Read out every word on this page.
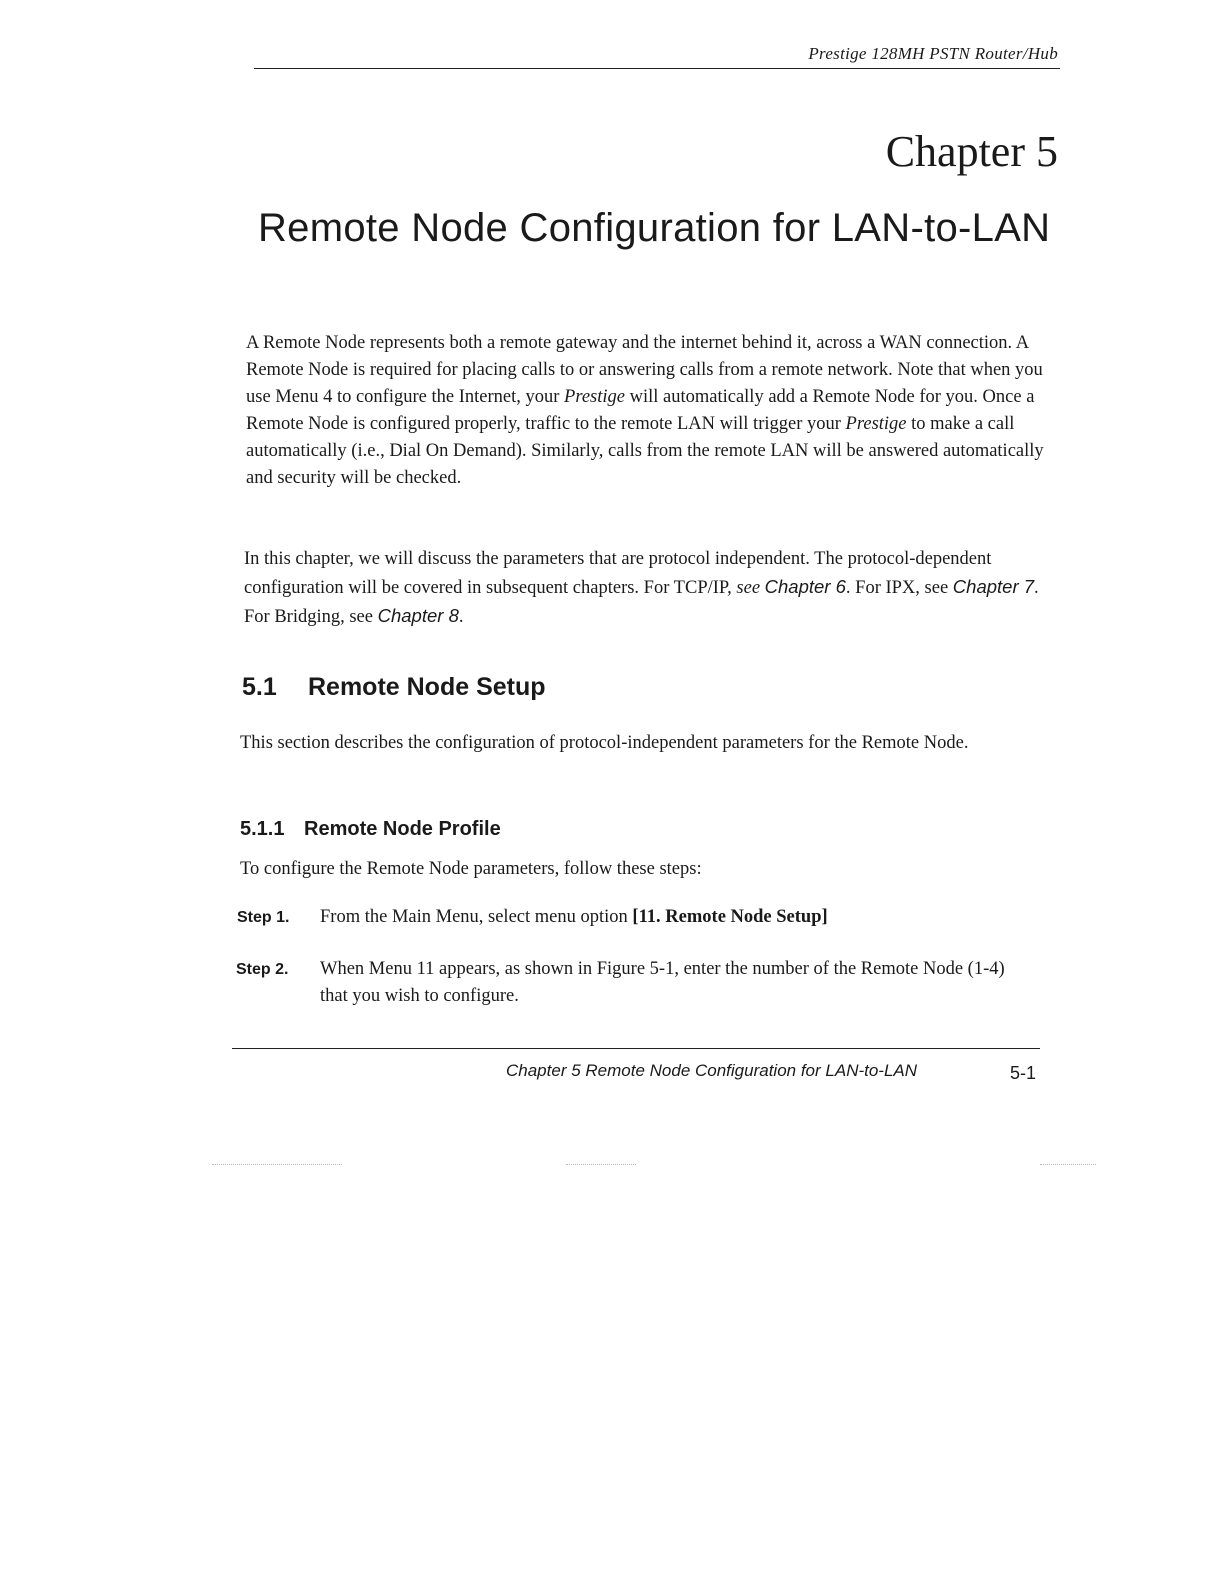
Prestige 128MH PSTN Router/Hub
Chapter 5
Remote Node Configuration for LAN-to-LAN
A Remote Node represents both a remote gateway and the internet behind it, across a WAN connection. A Remote Node is required for placing calls to or answering calls from a remote network. Note that when you use Menu 4 to configure the Internet, your Prestige will automatically add a Remote Node for you. Once a Remote Node is configured properly, traffic to the remote LAN will trigger your Prestige to make a call automatically (i.e., Dial On Demand). Similarly, calls from the remote LAN will be answered automatically and security will be checked.
In this chapter, we will discuss the parameters that are protocol independent. The protocol-dependent configuration will be covered in subsequent chapters. For TCP/IP, see Chapter 6. For IPX, see Chapter 7. For Bridging, see Chapter 8.
5.1 Remote Node Setup
This section describes the configuration of protocol-independent parameters for the Remote Node.
5.1.1 Remote Node Profile
To configure the Remote Node parameters, follow these steps:
Step 1. From the Main Menu, select menu option [11. Remote Node Setup]
Step 2. When Menu 11 appears, as shown in Figure 5-1, enter the number of the Remote Node (1-4) that you wish to configure.
Chapter 5 Remote Node Configuration for LAN-to-LAN	5-1
